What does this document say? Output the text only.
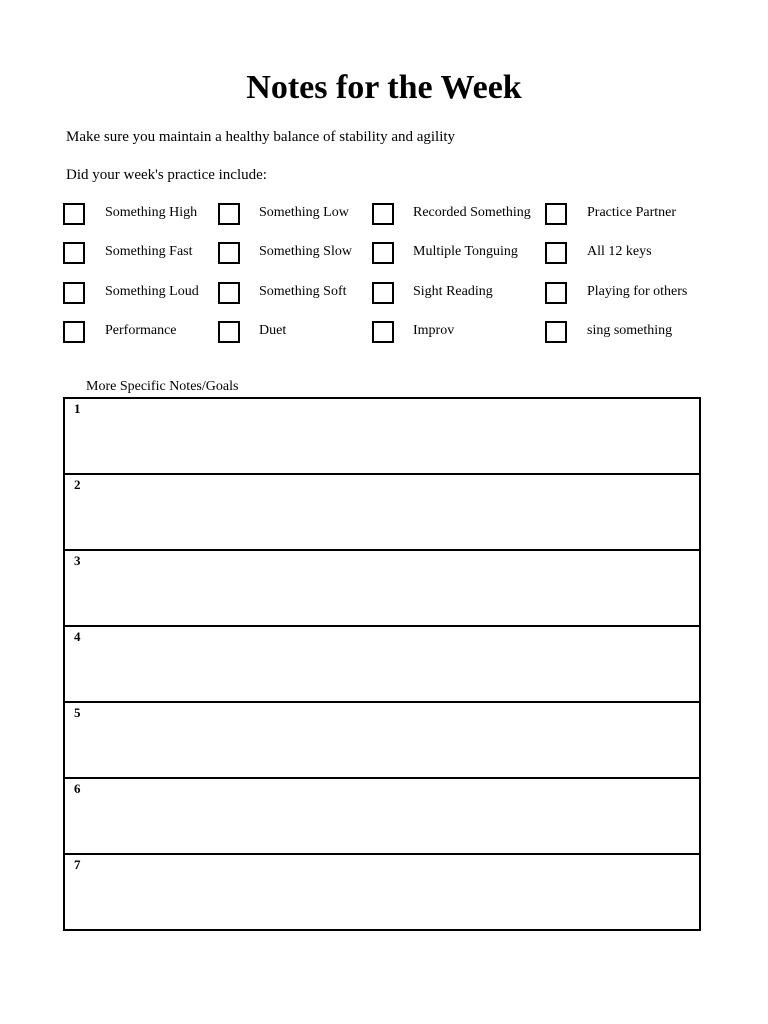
Notes for the Week
Make sure you maintain a healthy balance of stability and agility
Did your week's practice include:
Something High
Something Fast
Something Loud
Performance
Something Low
Something Slow
Something Soft
Duet
Recorded Something
Multiple Tonguing
Sight Reading
Improv
Practice Partner
All 12 keys
Playing for others
sing something
More Specific Notes/Goals
1
2
3
4
5
6
7
